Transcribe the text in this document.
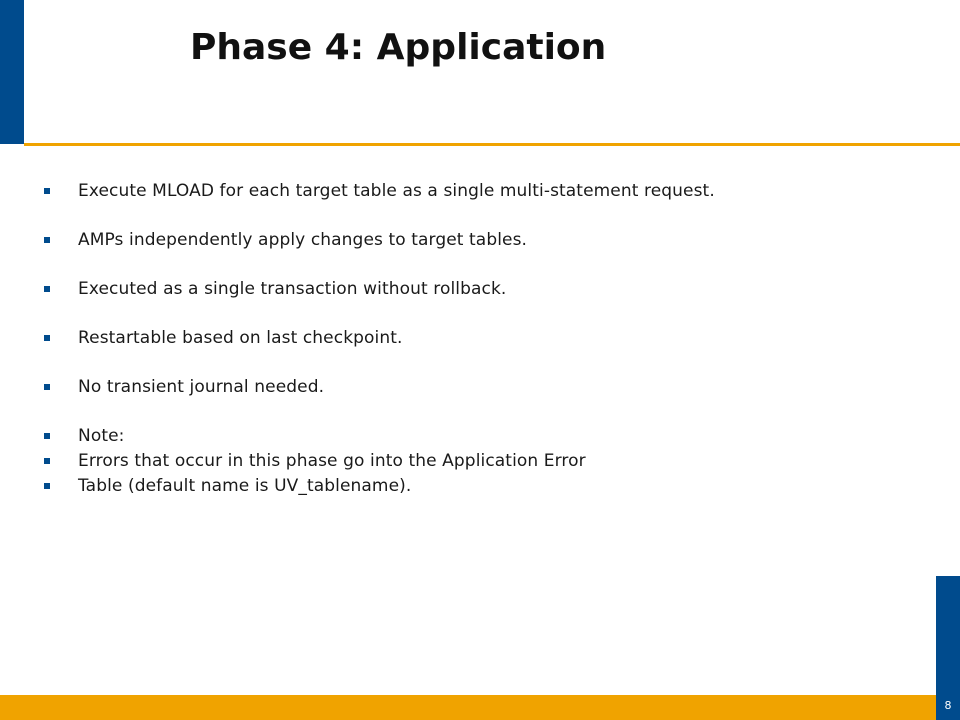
Phase 4: Application
Execute MLOAD for each target table as a single multi-statement request.
AMPs independently apply changes to target tables.
Executed as a single transaction without rollback.
Restartable based on last checkpoint.
No transient journal needed.
Note:
Errors that occur in this phase go into the Application Error
Table (default name is UV_tablename).
8
